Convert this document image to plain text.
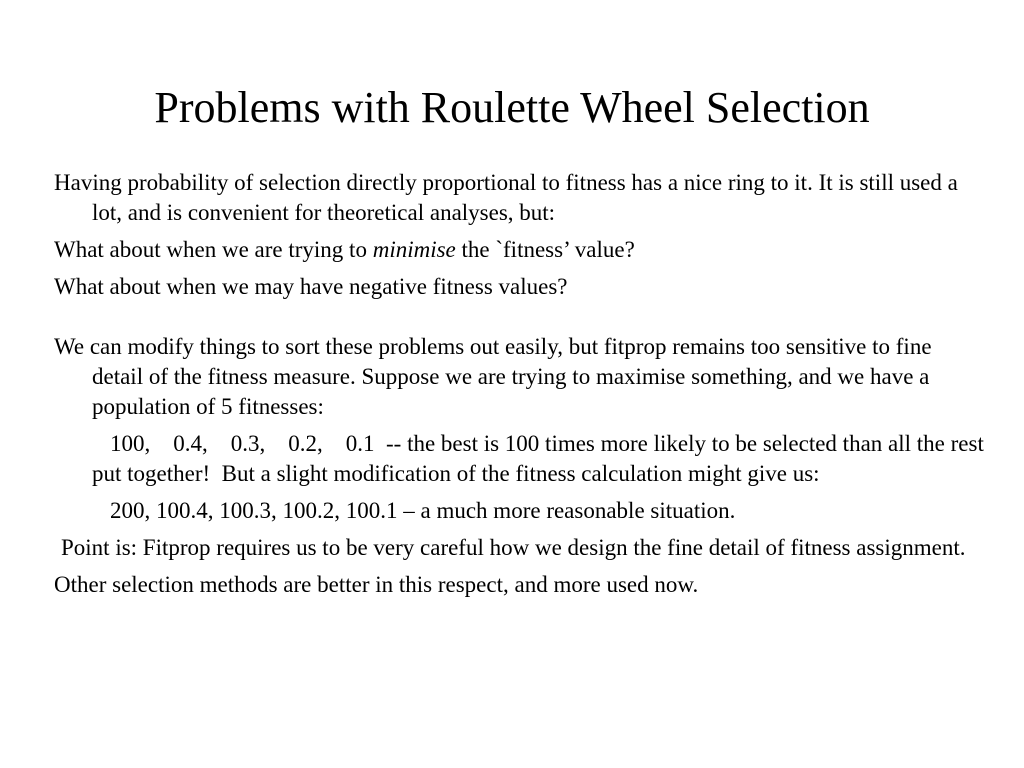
Problems with Roulette Wheel Selection

Having probability of selection directly proportional to fitness has a nice ring to it. It is still used a lot, and is convenient for theoretical analyses, but:

What about when we are trying to minimise the `fitness’ value?

What about when we may have negative fitness values?

We can modify things to sort these problems out easily, but fitprop remains too sensitive to fine detail of the fitness measure. Suppose we are trying to maximise something, and we have a population of 5 fitnesses:

100,    0.4,    0.3,    0.2,    0.1  -- the best is 100 times more likely to be selected than all the rest put together!  But a slight modification of the fitness calculation might give us:

200, 100.4, 100.3, 100.2, 100.1 – a much more reasonable situation.

Point is: Fitprop requires us to be very careful how we design the fine detail of fitness assignment.

Other selection methods are better in this respect, and more used now.
